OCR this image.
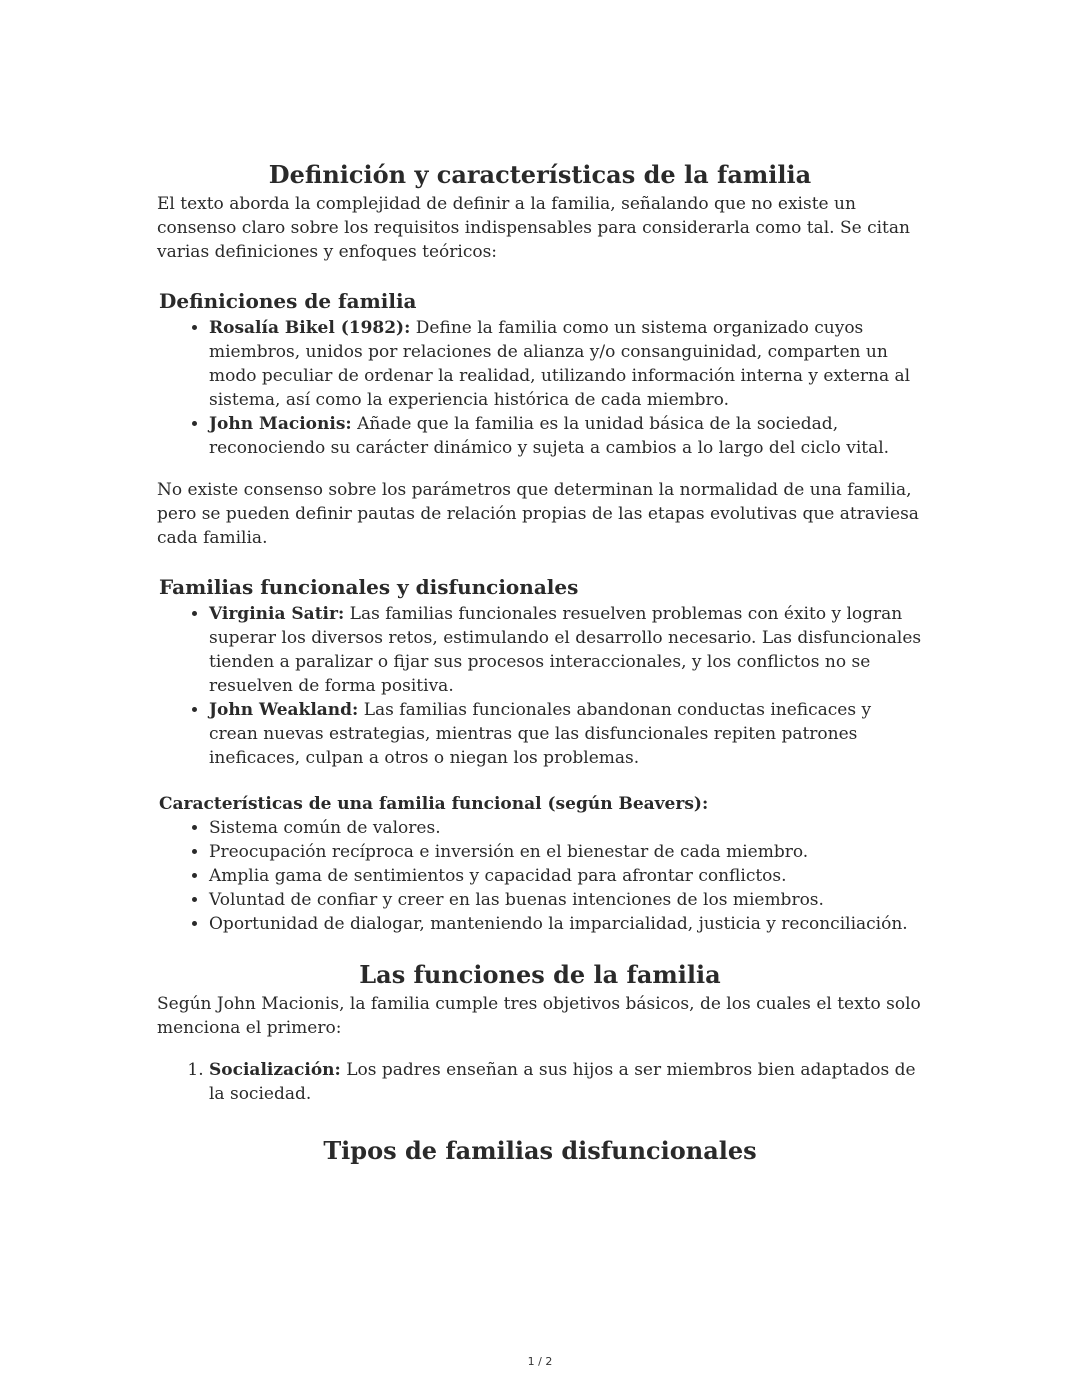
Definición y características de la familia

El texto aborda la complejidad de definir a la familia, señalando que no existe un consenso claro sobre los requisitos indispensables para considerarla como tal. Se citan varias definiciones y enfoques teóricos:

Definiciones de familia
• Rosalía Bikel (1982): Define la familia como un sistema organizado cuyos miembros, unidos por relaciones de alianza y/o consanguinidad, comparten un modo peculiar de ordenar la realidad, utilizando información interna y externa al sistema, así como la experiencia histórica de cada miembro.
• John Macionis: Añade que la familia es la unidad básica de la sociedad, reconociendo su carácter dinámico y sujeta a cambios a lo largo del ciclo vital.

No existe consenso sobre los parámetros que determinan la normalidad de una familia, pero se pueden definir pautas de relación propias de las etapas evolutivas que atraviesa cada familia.

Familias funcionales y disfuncionales
• Virginia Satir: Las familias funcionales resuelven problemas con éxito y logran superar los diversos retos, estimulando el desarrollo necesario. Las disfuncionales tienden a paralizar o fijar sus procesos interaccionales, y los conflictos no se resuelven de forma positiva.
• John Weakland: Las familias funcionales abandonan conductas ineficaces y crean nuevas estrategias, mientras que las disfuncionales repiten patrones ineficaces, culpan a otros o niegan los problemas.
Características de una familia funcional (según Beavers):
• Sistema común de valores.
• Preocupación recíproca e inversión en el bienestar de cada miembro.
• Amplia gama de sentimientos y capacidad para afrontar conflictos.
• Voluntad de confiar y creer en las buenas intenciones de los miembros.
• Oportunidad de dialogar, manteniendo la imparcialidad, justicia y reconciliación.
Las funciones de la familia

Según John Macionis, la familia cumple tres objetivos básicos, de los cuales el texto solo menciona el primero:

1. Socialización: Los padres enseñan a sus hijos a ser miembros bien adaptados de la sociedad.
Tipos de familias disfuncionales
1 / 2
